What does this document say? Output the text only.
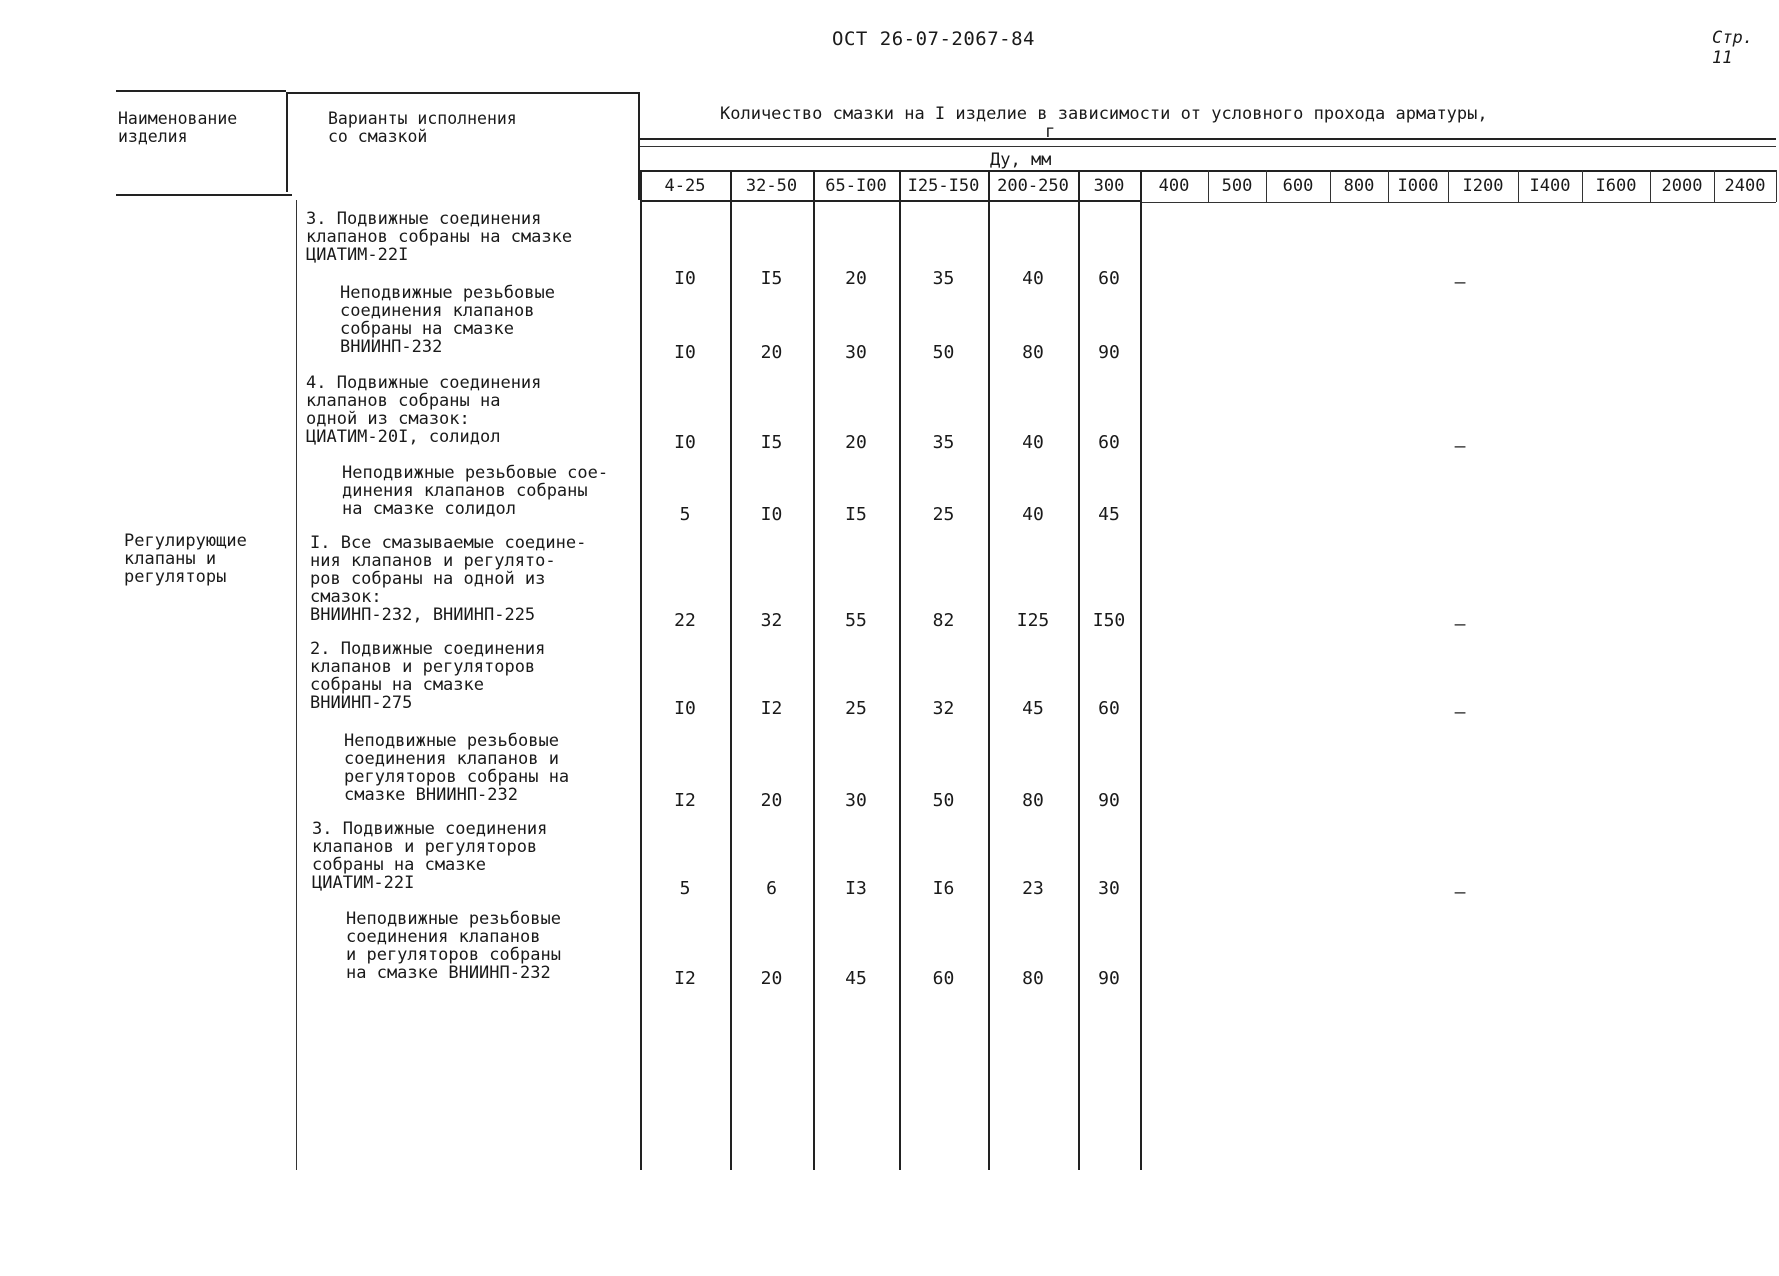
ОСТ 26-07-2067-84	Стр. 11
Наименование
изделия
Варианты исполнения
со смазкой
Количество смазки на I изделие в зависимости от условного прохода арматуры,
г
Ду, мм
4-25	32-50	65-I00	I25-I50	200-250	300	400	500	600	800	I000	I200	I400	I600	2000	2400
Регулирующие
клапаны и
регуляторы
3. Подвижные соединения
клапанов собраны на смазке
ЦИАТИМ-22I
I0	I5	20	35	40	60	–
Неподвижные резьбовые
соединения клапанов
собраны на смазке
ВНИИНП-232	I0	20	30	50	80	90
4. Подвижные соединения
клапанов собраны на
одной из смазок:
ЦИАТИМ-20I, солидол	I0	I5	20	35	40	60	–
Неподвижные резьбовые сое-
динения клапанов собраны
на смазке солидол	5	I0	I5	25	40	45
I. Все смазываемые соедине-
ния клапанов и регулято-
ров собраны на одной из
смазок:
ВНИИНП-232, ВНИИНП-225	22	32	55	82	I25	I50	–
2. Подвижные соединения
клапанов и регуляторов
собраны на смазке
ВНИИНП-275	I0	I2	25	32	45	60	–
Неподвижные резьбовые
соединения клапанов и
регуляторов собраны на
смазке ВНИИНП-232	I2	20	30	50	80	90
3. Подвижные соединения
клапанов и регуляторов
собраны на смазке
ЦИАТИМ-22I	5	6	I3	I6	23	30	–
Неподвижные резьбовые
соединения клапанов
и регуляторов собраны
на смазке ВНИИНП-232	I2	20	45	60	80	90
